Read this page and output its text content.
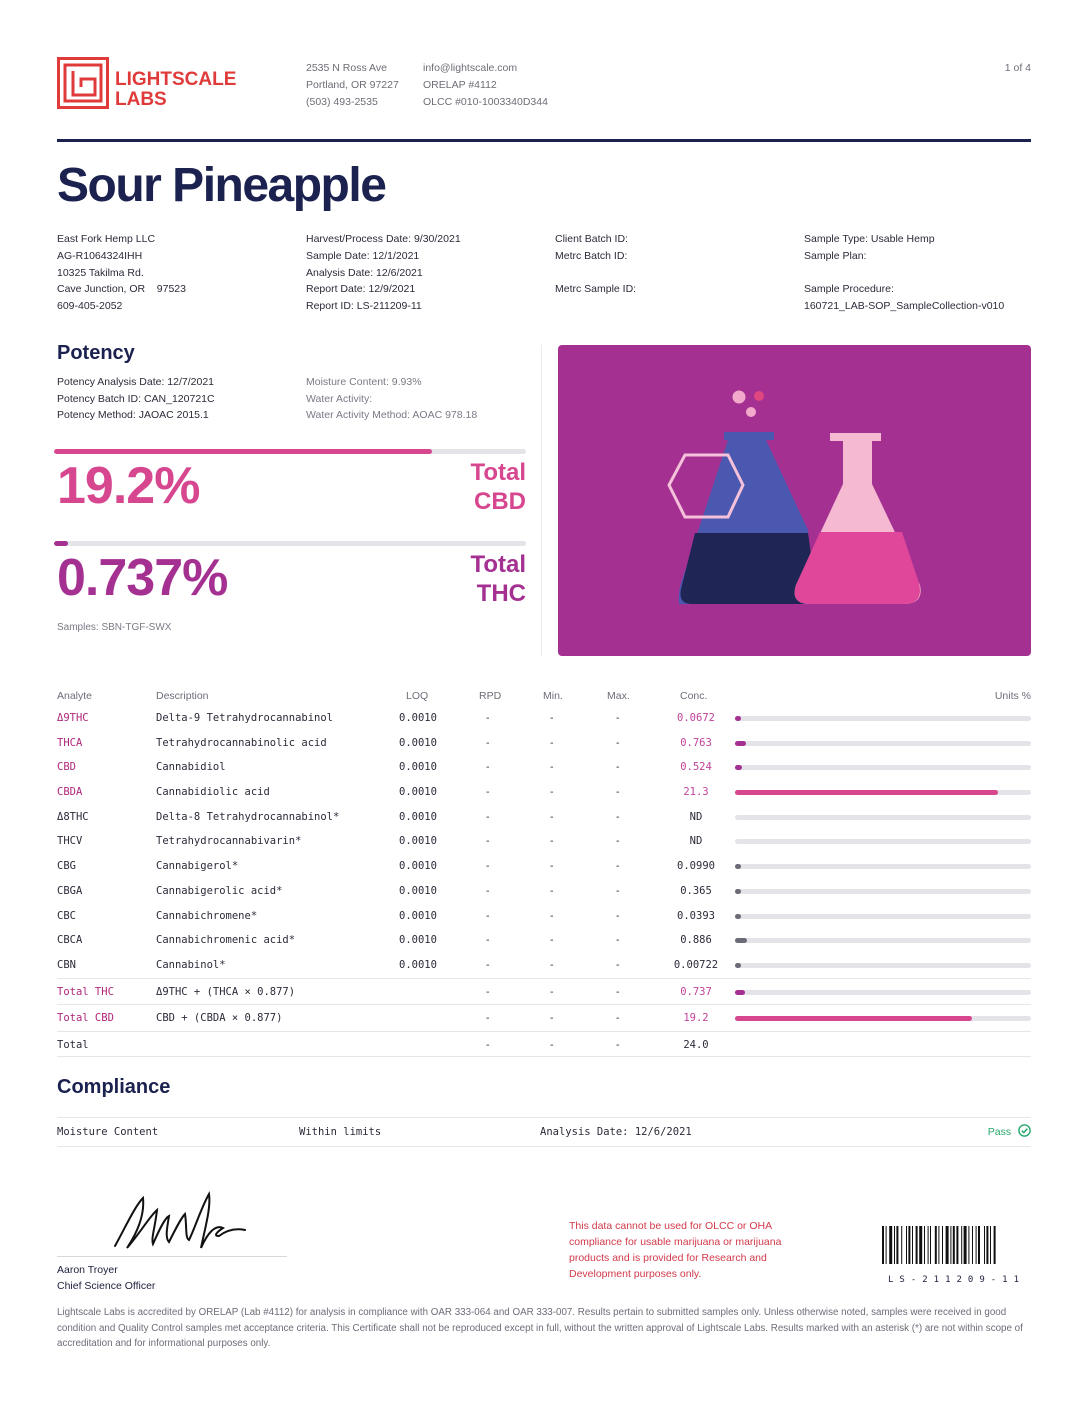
LIGHTSCALE
LABS
2535 N Ross Ave
Portland, OR 97227
(503) 493-2535
info@lightscale.com
ORELAP #4112
OLCC #010-1003340D344
1 of 4
Sour Pineapple
East Fork Hemp LLC
AG-R1064324IHH
10325 Takilma Rd.
Cave Junction, OR    97523
609-405-2052
Harvest/Process Date: 9/30/2021
Sample Date: 12/1/2021
Analysis Date: 12/6/2021
Report Date: 12/9/2021
Report ID: LS-211209-11
Client Batch ID:
Metrc Batch ID:
Metrc Sample ID:
Sample Type: Usable Hemp
Sample Plan:
Sample Procedure:
160721_LAB-SOP_SampleCollection-v010
Potency
Potency Analysis Date: 12/7/2021
Potency Batch ID: CAN_120721C
Potency Method: JAOAC 2015.1
Moisture Content: 9.93%
Water Activity:
Water Activity Method: AOAC 978.18
19.2%	Total
CBD
0.737%	Total
THC
Samples: SBN-TGF-SWX
Analyte	Description	LOQ	RPD	Min.	Max.	Conc.	Units %
Δ9THC	Delta-9 Tetrahydrocannabinol	0.0010	-	-	-	0.0672
THCA	Tetrahydrocannabinolic acid	0.0010	-	-	-	0.763
CBD	Cannabidiol	0.0010	-	-	-	0.524
CBDA	Cannabidiolic acid	0.0010	-	-	-	21.3
Δ8THC	Delta-8 Tetrahydrocannabinol*	0.0010	-	-	-	ND
THCV	Tetrahydrocannabivarin*	0.0010	-	-	-	ND
CBG	Cannabigerol*	0.0010	-	-	-	0.0990
CBGA	Cannabigerolic acid*	0.0010	-	-	-	0.365
CBC	Cannabichromene*	0.0010	-	-	-	0.0393
CBCA	Cannabichromenic acid*	0.0010	-	-	-	0.886
CBN	Cannabinol*	0.0010	-	-	-	0.00722
Total THC	Δ9THC + (THCA × 0.877)	-	-	-	0.737
Total CBD	CBD + (CBDA × 0.877)	-	-	-	19.2
Total	-	-	-	24.0
Compliance
Moisture Content	Within limits	Analysis Date: 12/6/2021	Pass
Aaron Troyer
Chief Science Officer
This data cannot be used for OLCC or OHA compliance for usable marijuana or marijuana products and is provided for Research and Development purposes only.	LS-211209-11
Lightscale Labs is accredited by ORELAP (Lab #4112) for analysis in compliance with OAR 333-064 and OAR 333-007. Results pertain to submitted samples only. Unless otherwise noted, samples were received in good condition and Quality Control samples met acceptance criteria. This Certificate shall not be reproduced except in full, without the written approval of Lightscale Labs. Results marked with an asterisk (*) are not within scope of accreditation and for informational purposes only.
